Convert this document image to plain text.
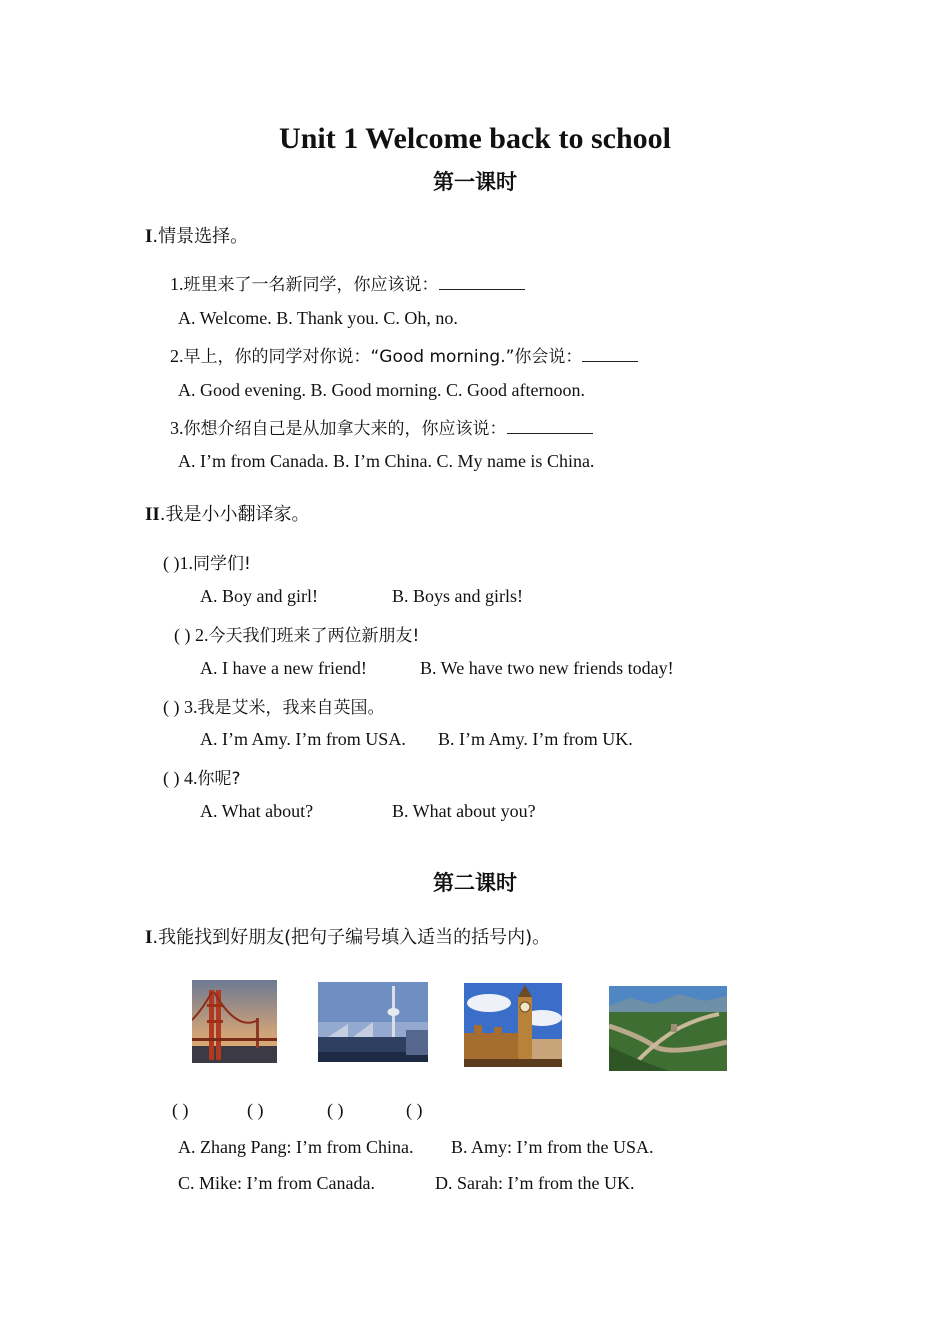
Unit 1 Welcome back to school
第一课时
I.情景选择。
1.班里来了一名新同学，你应该说：
A. Welcome. B. Thank you. C. Oh, no.
2.早上，你的同学对你说：“Good morning.”你会说：
A. Good evening. B. Good morning. C. Good afternoon.
3.你想介绍自己是从加拿大来的，你应该说：
A. I’m from Canada. B. I’m China. C. My name is China.
II.我是小小翻译家。
( )1.同学们!
A. Boy and girl!	B. Boys and girls!
( ) 2.今天我们班来了两位新朋友!
A. I have a new friend!	B. We have two new friends today!
( ) 3.我是艾米，我来自英国。
A. I’m Amy. I’m from USA. B. I’m Amy. I’m from UK.
( ) 4.你呢?
A. What about?	B. What about you?
第二课时
I.我能找到好朋友(把句子编号填入适当的括号内)。
( )	( )	( )	( )
A. Zhang Pang: I’m from China. B. Amy: I’m from the USA.
C. Mike: I’m from Canada.	D. Sarah: I’m from the UK.
